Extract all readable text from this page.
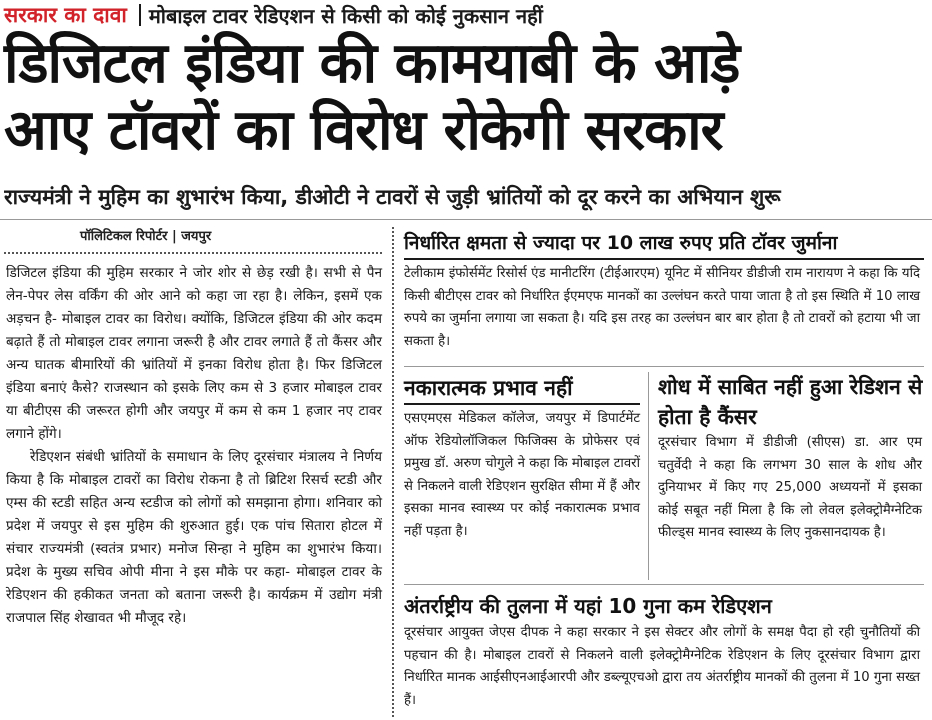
सरकार का दावा मोबाइल टावर रेडिएशन से किसी को कोई नुकसान नहीं
डिजिटल इंडिया की कामयाबी के आड़े
आए टॉवरों का विरोध रोकेगी सरकार
राज्यमंत्री ने मुहिम का शुभारंभ किया, डीओटी ने टावरों से जुड़ी भ्रांतियों को दूर करने का अभियान शुरू
पॉलिटिकल रिपोर्टर | जयपुर

डिजिटल इंडिया की मुहिम सरकार ने जोर शोर से छेड़ रखी है। सभी से पैन लेन-पेपर लेस वर्किंग की ओर आने को कहा जा रहा है। लेकिन, इसमें एक अड़चन है- मोबाइल टावर का विरोध। क्योंकि, डिजिटल इंडिया की ओर कदम बढ़ाते हैं तो मोबाइल टावर लगाना जरूरी है और टावर लगाते हैं तो कैंसर और अन्य घातक बीमारियों की भ्रांतियों में इनका विरोध होता है। फिर डिजिटल इंडिया बनाएं कैसे? राजस्थान को इसके लिए कम से 3 हजार मोबाइल टावर या बीटीएस की जरूरत होगी और जयपुर में कम से कम 1 हजार नए टावर लगाने होंगे।

रेडिएशन संबंधी भ्रांतियों के समाधान के लिए दूरसंचार मंत्रालय ने निर्णय किया है कि मोबाइल टावरों का विरोध रोकना है तो ब्रिटिश रिसर्च स्टडी और एम्स की स्टडी सहित अन्य स्टडीज को लोगों को समझाना होगा। शनिवार को प्रदेश में जयपुर से इस मुहिम की शुरुआत हुई। एक पांच सितारा होटल में संचार राज्यमंत्री (स्वतंत्र प्रभार) मनोज सिन्हा ने मुहिम का शुभारंभ किया। प्रदेश के मुख्य सचिव ओपी मीना ने इस मौके पर कहा- मोबाइल टावर के रेडिएशन की हकीकत जनता को बताना जरूरी है। कार्यक्रम में उद्योग मंत्री राजपाल सिंह शेखावत भी मौजूद रहे।

निर्धारित क्षमता से ज्यादा पर 10 लाख रुपए प्रति टॉवर जुर्माना

टेलीकाम इंफोर्समेंट रिसोर्स एंड मानीटरिंग (टीईआरएम) यूनिट में सीनियर डीडीजी राम नारायण ने कहा कि यदि किसी बीटीएस टावर को निर्धारित ईएमएफ मानकों का उल्लंघन करते पाया जाता है तो इस स्थिति में 10 लाख रुपये का जुर्माना लगाया जा सकता है। यदि इस तरह का उल्लंघन बार बार होता है तो टावरों को हटाया भी जा सकता है।

नकारात्मक प्रभाव नहीं

एसएमएस मेडिकल कॉलेज, जयपुर में डिपार्टमेंट ऑफ रेडियोलॉजिकल फिजिक्स के प्रोफेसर एवं प्रमुख डॉ. अरुण चोगुले ने कहा कि मोबाइल टावरों से निकलने वाली रेडिएशन सुरक्षित सीमा में हैं और इसका मानव स्वास्थ्य पर कोई नकारात्मक प्रभाव नहीं पड़ता है।

शोध में साबित नहीं हुआ रेडिशन से होता है कैंसर

दूरसंचार विभाग में डीडीजी (सीएस) डा. आर एम चतुर्वेदी ने कहा कि लगभग 30 साल के शोध और दुनियाभर में किए गए 25,000 अध्ययनों में इसका कोई सबूत नहीं मिला है कि लो लेवल इलेक्ट्रोमैग्नेटिक फील्ड्स मानव स्वास्थ्य के लिए नुकसानदायक है।

अंतर्राष्ट्रीय की तुलना में यहां 10 गुना कम रेडिएशन

दूरसंचार आयुक्त जेएस दीपक ने कहा सरकार ने इस सेक्टर और लोगों के समक्ष पैदा हो रही चुनौतियों की पहचान की है। मोबाइल टावरों से निकलने वाली इलेक्ट्रोमैग्नेटिक रेडिएशन के लिए दूरसंचार विभाग द्वारा निर्धारित मानक आईसीएनआईआरपी और डब्ल्यूएचओ द्वारा तय अंतर्राष्ट्रीय मानकों की तुलना में 10 गुना सख्त हैं।
